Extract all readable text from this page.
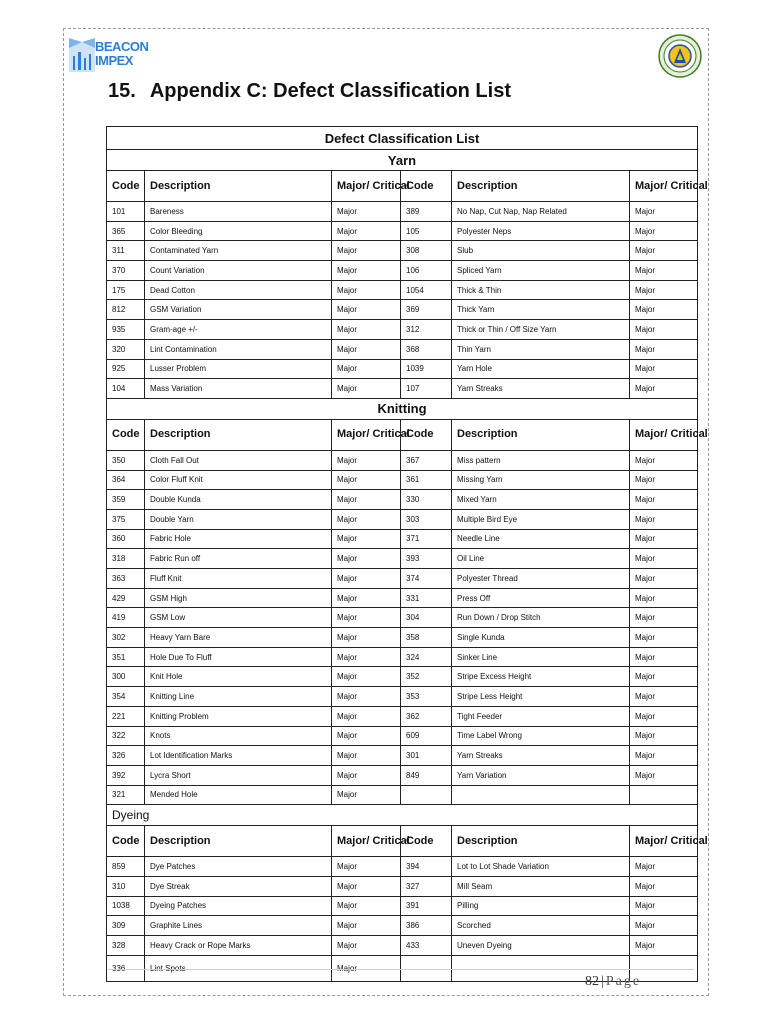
BEACON
IMPEX
15. Appendix C: Defect Classification List
Defect Classification List					
Yarn					
Code	Description	Major/ Critical	Code	Description	Major/ Critical
101	Bareness	Major	389	No Nap, Cut Nap, Nap Related	Major
365	Color Bleeding	Major	105	Polyester Neps	Major
311	Contaminated Yarn	Major	308	Slub	Major
370	Count Variation	Major	106	Spliced Yarn	Major
175	Dead Cotton	Major	1054	Thick & Thin	Major
812	GSM Variation	Major	369	Thick Yarn	Major
935	Gram-age +/-	Major	312	Thick or Thin / Off Size Yarn	Major
320	Lint Contamination	Major	368	Thin Yarn	Major
925	Lusser Problem	Major	1039	Yarn Hole	Major
104	Mass Variation	Major	107	Yarn Streaks	Major
Knitting					
Code	Description	Major/ Critical	Code	Description	Major/ Critical
350	Cloth Fall Out	Major	367	Miss pattern	Major
364	Color Fluff Knit	Major	361	Missing Yarn	Major
359	Double Kunda	Major	330	Mixed Yarn	Major
375	Double Yarn	Major	303	Multiple Bird Eye	Major
360	Fabric Hole	Major	371	Needle Line	Major
318	Fabric Run off	Major	393	Oil Line	Major
363	Fluff Knit	Major	374	Polyester Thread	Major
429	GSM High	Major	331	Press Off	Major
419	GSM Low	Major	304	Run Down / Drop Stitch	Major
302	Heavy Yarn Bare	Major	358	Single Kunda	Major
351	Hole Due To Fluff	Major	324	Sinker Line	Major
300	Knit Hole	Major	352	Stripe Excess Height	Major
354	Knitting Line	Major	353	Stripe Less Height	Major
221	Knitting Problem	Major	362	Tight Feeder	Major
322	Knots	Major	609	Time Label Wrong	Major
326	Lot Identification Marks	Major	301	Yarn Streaks	Major
392	Lycra Short	Major	849	Yarn Variation	Major
321	Mended Hole	Major			
Dyeing					
Code	Description	Major/ Critical	Code	Description	Major/ Critical
859	Dye Patches	Major	394	Lot to Lot Shade Variation	Major
310	Dye Streak	Major	327	Mill Seam	Major
1038	Dyeing Patches	Major	391	Pilling	Major
309	Graphite Lines	Major	386	Scorched	Major
328	Heavy Crack or Rope Marks	Major	433	Uneven Dyeing	Major
336	Lint Spots	Major			
82 | Page
